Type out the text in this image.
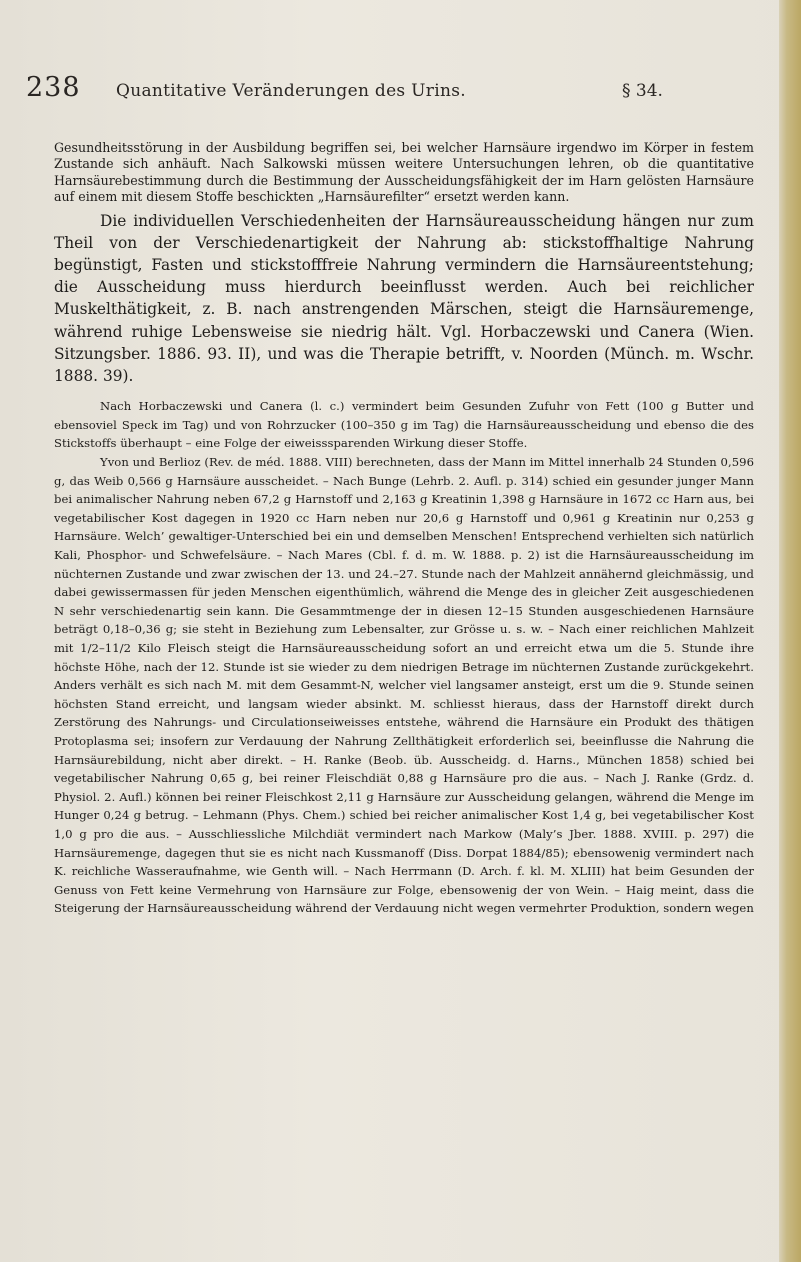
238 Quantitative Veränderungen des Urins.	§ 34.

Gesundheitsstörung in der Ausbildung begriffen sei, bei welcher Harnsäure irgendwo im Körper in festem Zustande sich anhäuft. Nach Salkowski müssen weitere Untersuchungen lehren, ob die quantitative Harnsäurebestimmung durch die Bestimmung der Ausscheidungsfähigkeit der im Harn gelösten Harnsäure auf einem mit diesem Stoffe beschickten „Harnsäurefilter“ ersetzt werden kann.

Die individuellen Verschiedenheiten der Harnsäureausscheidung hängen nur zum Theil von der Verschiedenartigkeit der Nahrung ab: stickstoffhaltige Nahrung begünstigt, Fasten und stickstofffreie Nahrung vermindern die Harnsäureentstehung; die Ausscheidung muss hierdurch beeinflusst werden. Auch bei reichlicher Muskelthätigkeit, z. B. nach anstrengenden Märschen, steigt die Harnsäuremenge, während ruhige Lebensweise sie niedrig hält. Vgl. Horbaczewski und Canera (Wien. Sitzungsber. 1886. 93. II), und was die Therapie betrifft, v. Noorden (Münch. m. Wschr. 1888. 39).

Nach Horbaczewski und Canera (l. c.) vermindert beim Gesunden Zufuhr von Fett (100 g Butter und ebensoviel Speck im Tag) und von Rohrzucker (100–350 g im Tag) die Harnsäureausscheidung und ebenso die des Stickstoffs überhaupt – eine Folge der eiweisssparenden Wirkung dieser Stoffe.

Yvon und Berlioz (Rev. de méd. 1888. VIII) berechneten, dass der Mann im Mittel innerhalb 24 Stunden 0,596 g, das Weib 0,566 g Harnsäure ausscheidet. – Nach Bunge (Lehrb. 2. Aufl. p. 314) schied ein gesunder junger Mann bei animalischer Nahrung neben 67,2 g Harnstoff und 2,163 g Kreatinin 1,398 g Harnsäure in 1672 cc Harn aus, bei vegetabilischer Kost dagegen in 1920 cc Harn neben nur 20,6 g Harnstoff und 0,961 g Kreatinin nur 0,253 g Harnsäure. Welch’ gewaltiger-Unterschied bei ein und demselben Menschen! Entsprechend verhielten sich natürlich Kali, Phosphor- und Schwefelsäure. – Nach Mares (Cbl. f. d. m. W. 1888. p. 2) ist die Harnsäureausscheidung im nüchternen Zustande und zwar zwischen der 13. und 24.–27. Stunde nach der Mahlzeit annähernd gleichmässig, und dabei gewissermassen für jeden Menschen eigenthümlich, während die Menge des in gleicher Zeit ausgeschiedenen N sehr verschiedenartig sein kann. Die Gesammtmenge der in diesen 12–15 Stunden ausgeschiedenen Harnsäure beträgt 0,18–0,36 g; sie steht in Beziehung zum Lebensalter, zur Grösse u. s. w. – Nach einer reichlichen Mahlzeit mit 1/2–11/2 Kilo Fleisch steigt die Harnsäureausscheidung sofort an und erreicht etwa um die 5. Stunde ihre höchste Höhe, nach der 12. Stunde ist sie wieder zu dem niedrigen Betrage im nüchternen Zustande zurückgekehrt. Anders verhält es sich nach M. mit dem Gesammt-N, welcher viel langsamer ansteigt, erst um die 9. Stunde seinen höchsten Stand erreicht, und langsam wieder absinkt. M. schliesst hieraus, dass der Harnstoff direkt durch Zerstörung des Nahrungs- und Circulationseiweisses entstehe, während die Harnsäure ein Produkt des thätigen Protoplasma sei; insofern zur Verdauung der Nahrung Zellthätigkeit erforderlich sei, beeinflusse die Nahrung die Harnsäurebildung, nicht aber direkt. – H. Ranke (Beob. üb. Ausscheidg. d. Harns., München 1858) schied bei vegetabilischer Nahrung 0,65 g, bei reiner Fleischdiät 0,88 g Harnsäure pro die aus. – Nach J. Ranke (Grdz. d. Physiol. 2. Aufl.) können bei reiner Fleischkost 2,11 g Harnsäure zur Ausscheidung gelangen, während die Menge im Hunger 0,24 g betrug. – Lehmann (Phys. Chem.) schied bei reicher animalischer Kost 1,4 g, bei vegetabilischer Kost 1,0 g pro die aus. – Ausschliessliche Milchdiät vermindert nach Markow (Maly’s Jber. 1888. XVIII. p. 297) die Harnsäuremenge, dagegen thut sie es nicht nach Kussmanoff (Diss. Dorpat 1884/85); ebensowenig vermindert nach K. reichliche Wasseraufnahme, wie Genth will. – Nach Herrmann (D. Arch. f. kl. M. XLIII) hat beim Gesunden der Genuss von Fett keine Vermehrung von Harnsäure zur Folge, ebensowenig der von Wein. – Haig meint, dass die Steigerung der Harnsäureausscheidung während der Verdauung nicht wegen vermehrter Produktion, sondern wegen
